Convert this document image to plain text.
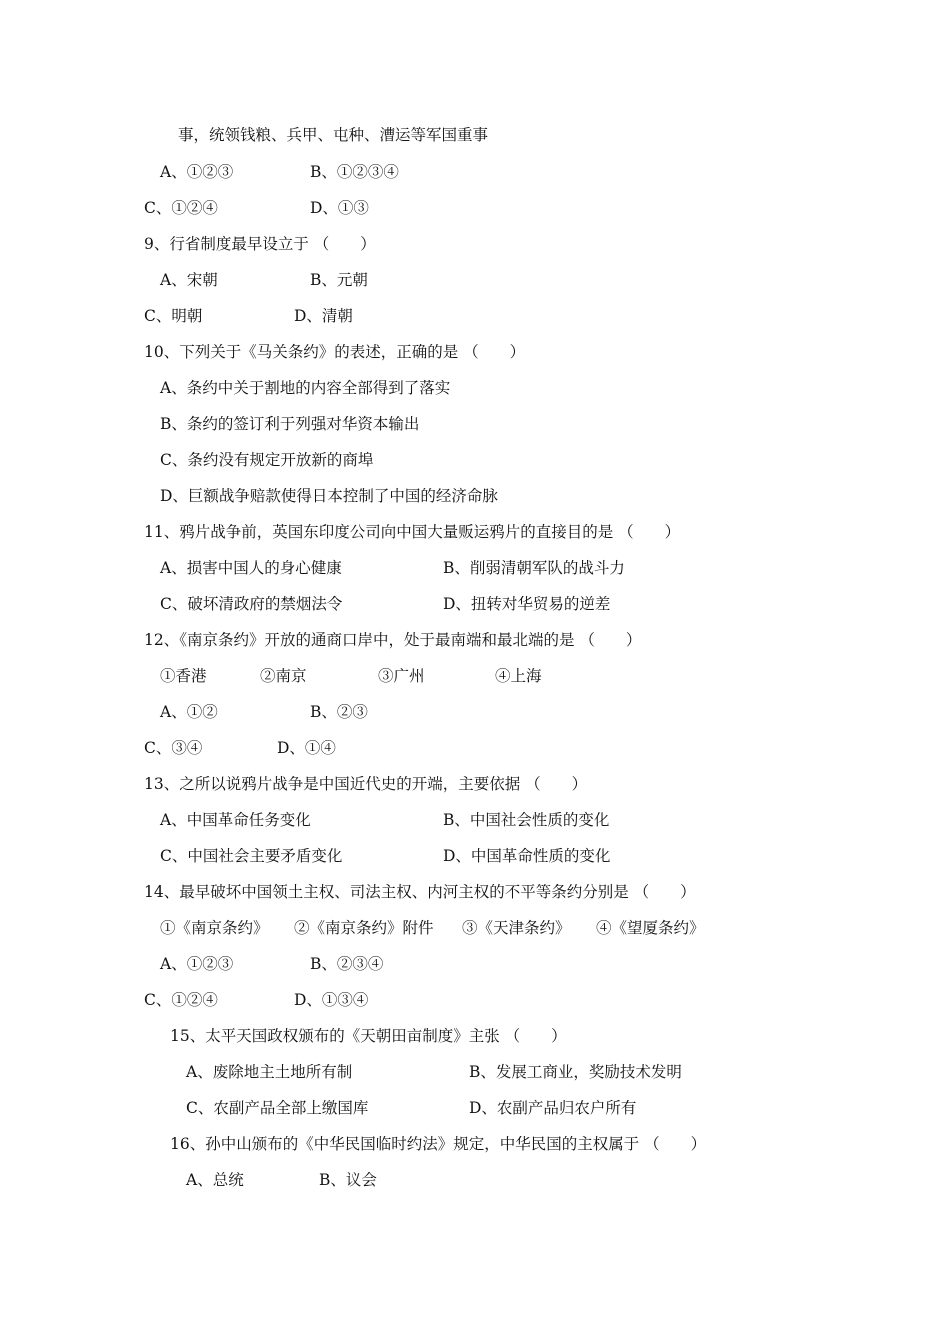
事，统领钱粮、兵甲、屯种、漕运等军国重事
A、①②③	B、①②③④
C、①②④	D、①③
9、行省制度最早设立于 （　　）
A、宋朝	B、元朝
C、明朝	D、清朝
10、下列关于《马关条约》的表述，正确的是 （　　）
A、条约中关于割地的内容全部得到了落实
B、条约的签订利于列强对华资本输出
C、条约没有规定开放新的商埠
D、巨额战争赔款使得日本控制了中国的经济命脉
11、鸦片战争前，英国东印度公司向中国大量贩运鸦片的直接目的是 （　　）
A、损害中国人的身心健康	B、削弱清朝军队的战斗力
C、破坏清政府的禁烟法令	D、扭转对华贸易的逆差
12、《南京条约》开放的通商口岸中，处于最南端和最北端的是 （　　）
①香港	②南京	③广州	④上海
A、①②	B、②③
C、③④	D、①④
13、之所以说鸦片战争是中国近代史的开端，主要依据 （　　）
A、中国革命任务变化	B、中国社会性质的变化
C、中国社会主要矛盾变化	D、中国革命性质的变化
14、最早破坏中国领土主权、司法主权、内河主权的不平等条约分别是 （　　）
①《南京条约》 ②《南京条约》附件 ③《天津条约》 ④《望厦条约》
A、①②③	B、②③④
C、①②④	D、①③④
15、太平天国政权颁布的《天朝田亩制度》主张 （　　）
A、废除地主土地所有制	B、发展工商业，奖励技术发明
C、农副产品全部上缴国库	D、农副产品归农户所有
16、孙中山颁布的《中华民国临时约法》规定，中华民国的主权属于 （　　）
A、总统	B、议会
